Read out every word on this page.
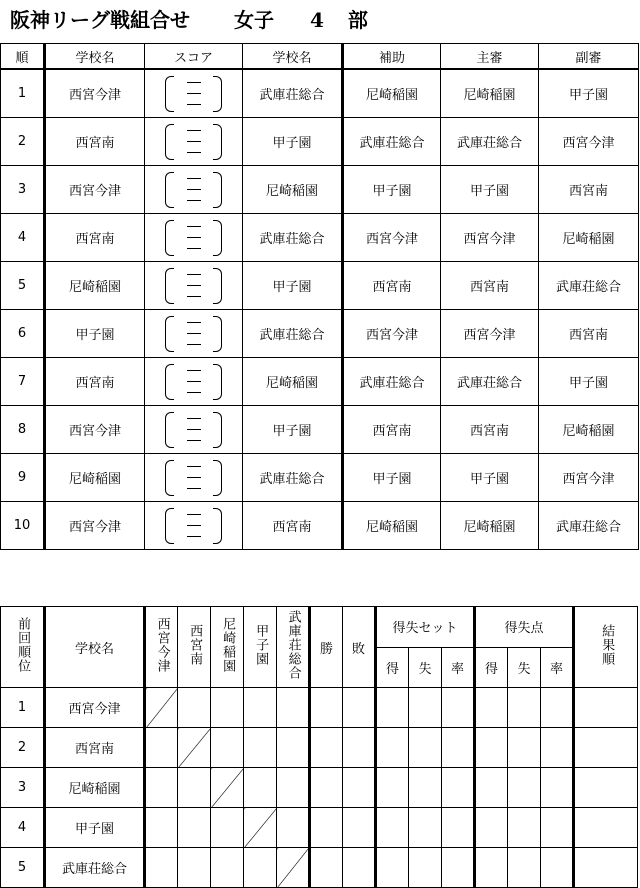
阪神リーグ戦組合せ 女子 4 部
順	学校名	スコア	学校名	補助	主審	副審
1	西宮今津		武庫荘総合	尼崎稲園	尼崎稲園	甲子園
2	西宮南		甲子園	武庫荘総合	武庫荘総合	西宮今津
3	西宮今津		尼崎稲園	甲子園	甲子園	西宮南
4	西宮南		武庫荘総合	西宮今津	西宮今津	尼崎稲園
5	尼崎稲園		甲子園	西宮南	西宮南	武庫荘総合
6	甲子園		武庫荘総合	西宮今津	西宮今津	西宮南
7	西宮南		尼崎稲園	武庫荘総合	武庫荘総合	甲子園
8	西宮今津		甲子園	西宮南	西宮南	尼崎稲園
9	尼崎稲園		武庫荘総合	甲子園	甲子園	西宮今津
10	西宮今津		西宮南	尼崎稲園	尼崎稲園	武庫荘総合
前回順位	学校名	西宮今津	西宮南	尼崎稲園	甲子園	武庫荘総合	勝	敗	得失セット			得失点			結果順
									得	失	率	得	失	率	
1	西宮今津														
2	西宮南														
3	尼崎稲園														
4	甲子園														
5	武庫荘総合														
